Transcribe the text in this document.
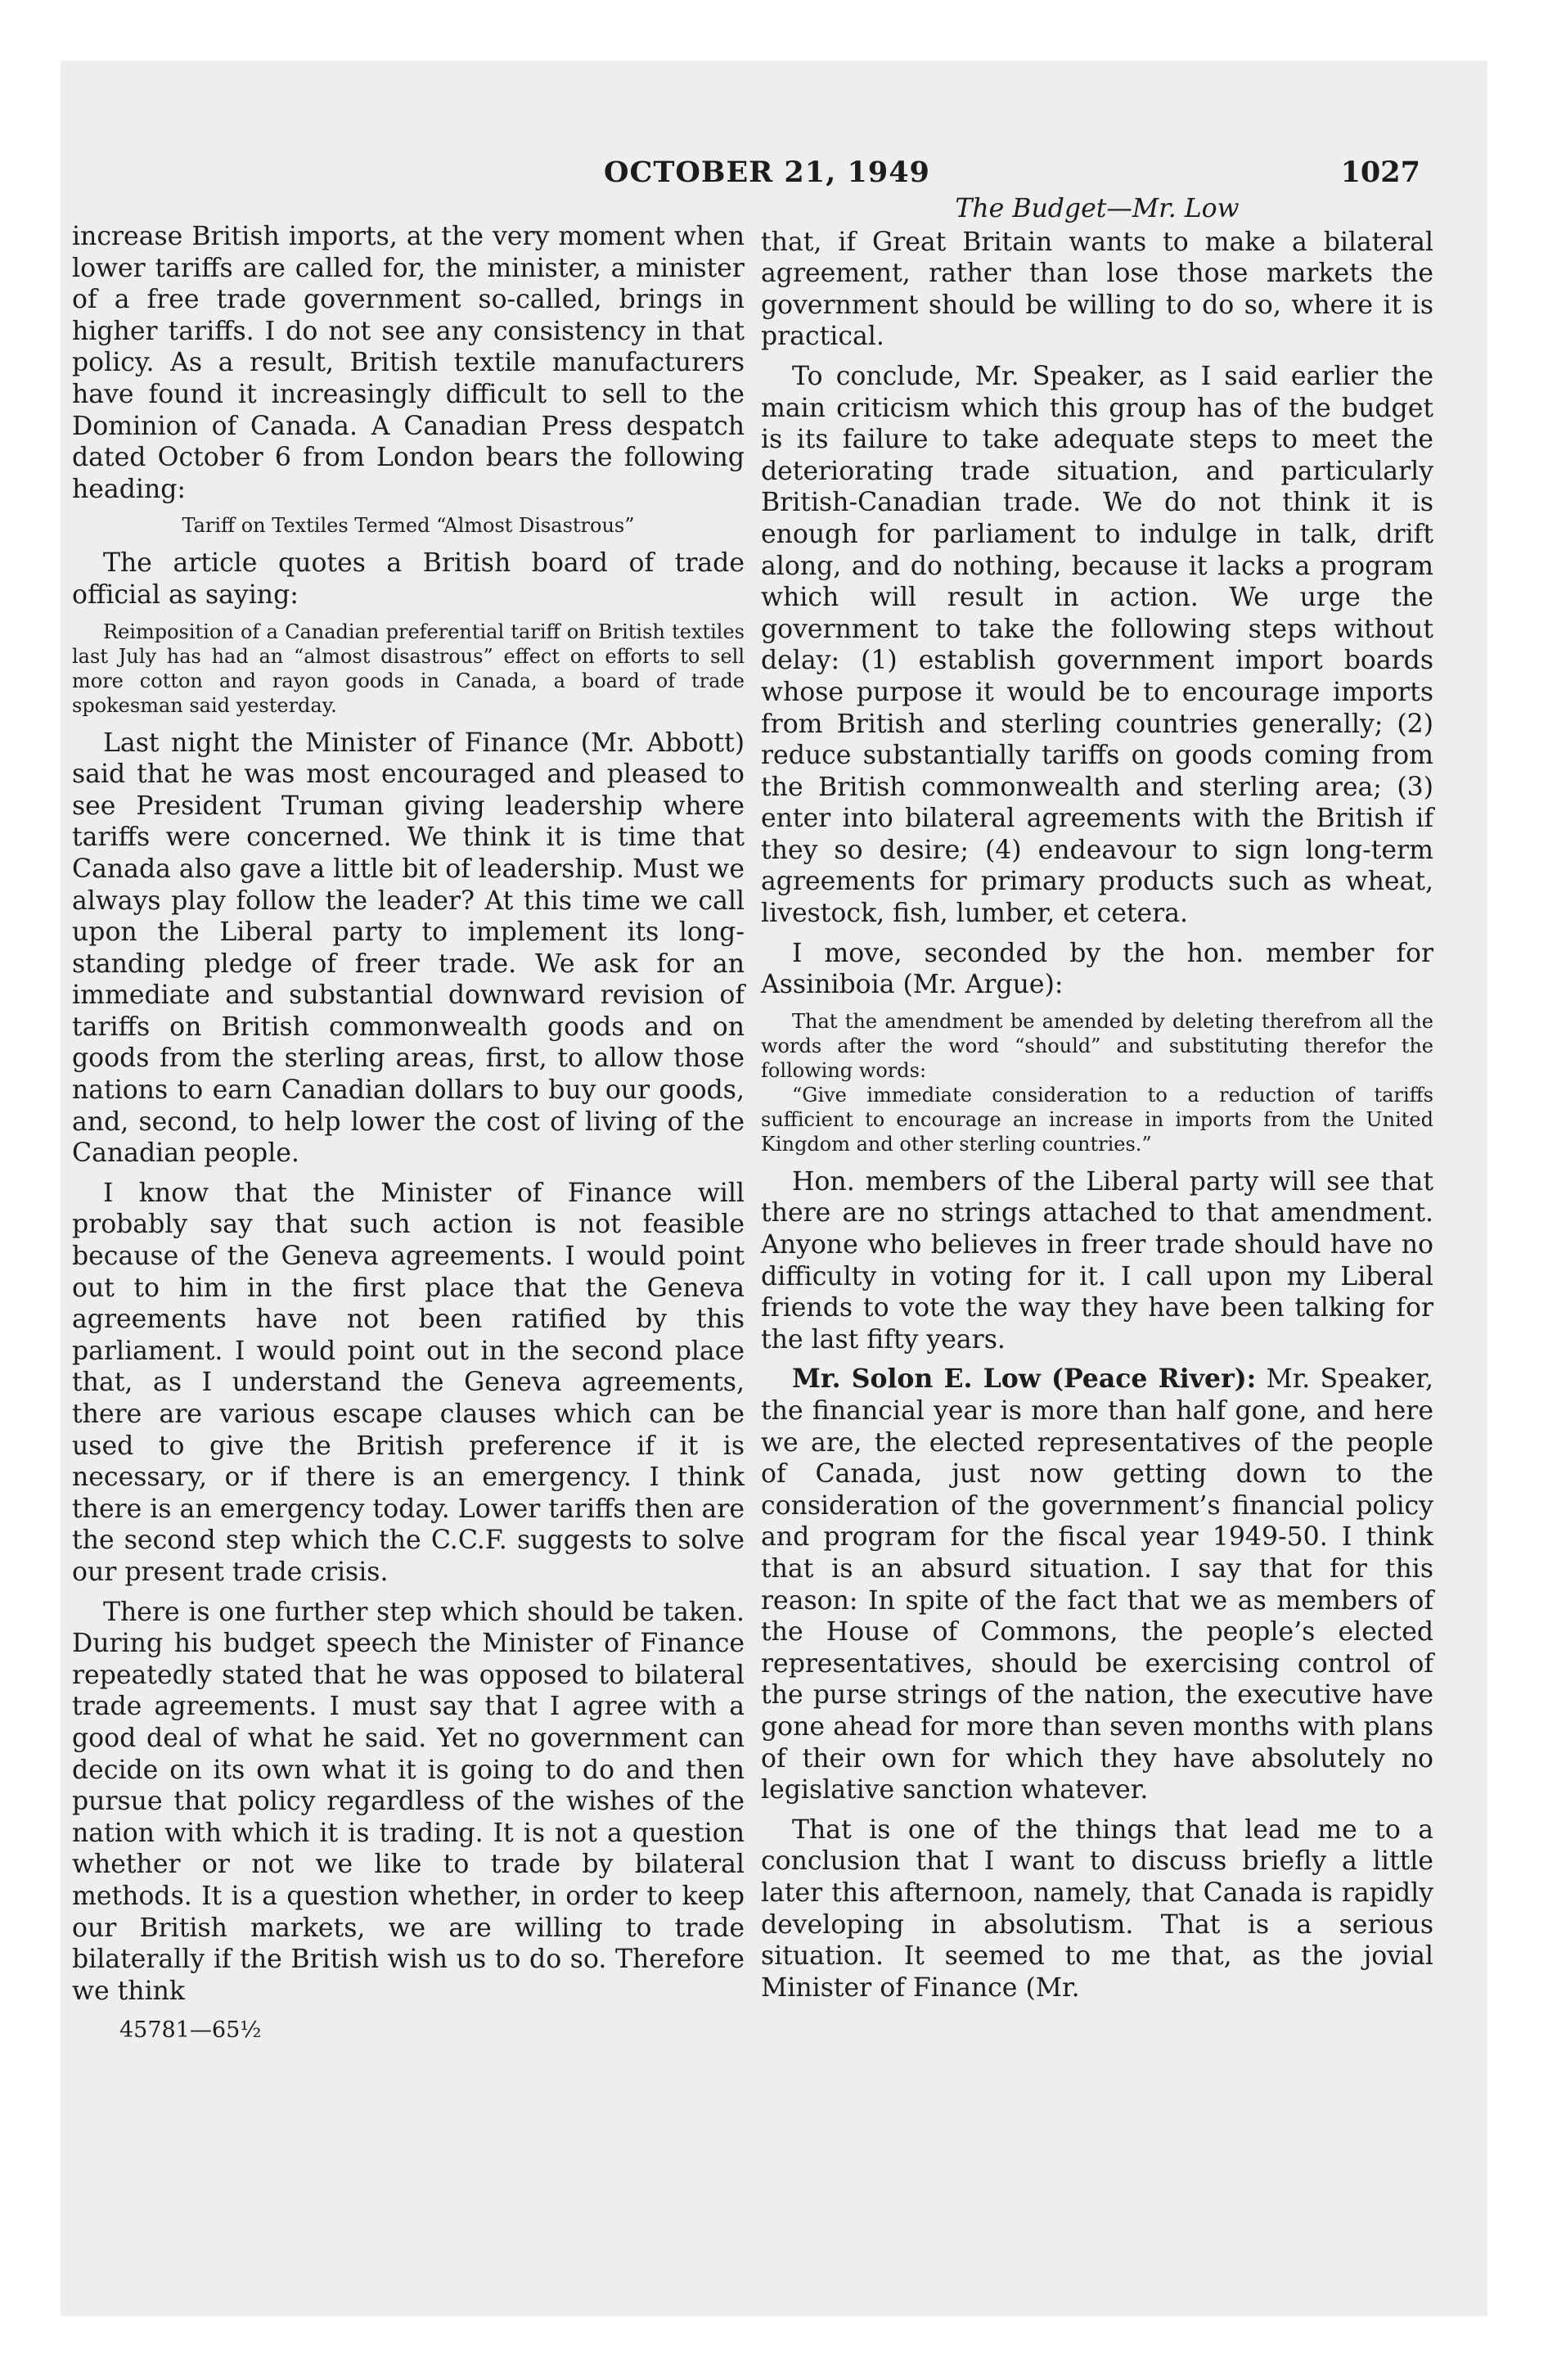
OCTOBER 21, 1949	1027

increase British imports, at the very moment when lower tariffs are called for, the minister, a minister of a free trade government so-called, brings in higher tariffs. I do not see any consistency in that policy. As a result, British textile manufacturers have found it increasingly difficult to sell to the Dominion of Canada. A Canadian Press despatch dated October 6 from London bears the following heading:

Tariff on Textiles Termed “Almost Disastrous”

The article quotes a British board of trade official as saying:

Reimposition of a Canadian preferential tariff on British textiles last July has had an “almost disastrous” effect on efforts to sell more cotton and rayon goods in Canada, a board of trade spokesman said yesterday.

Last night the Minister of Finance (Mr. Abbott) said that he was most encouraged and pleased to see President Truman giving leadership where tariffs were concerned. We think it is time that Canada also gave a little bit of leadership. Must we always play follow the leader? At this time we call upon the Liberal party to implement its long-standing pledge of freer trade. We ask for an immediate and substantial downward revision of tariffs on British commonwealth goods and on goods from the sterling areas, first, to allow those nations to earn Canadian dollars to buy our goods, and, second, to help lower the cost of living of the Canadian people.

I know that the Minister of Finance will probably say that such action is not feasible because of the Geneva agreements. I would point out to him in the first place that the Geneva agreements have not been ratified by this parliament. I would point out in the second place that, as I understand the Geneva agreements, there are various escape clauses which can be used to give the British preference if it is necessary, or if there is an emergency. I think there is an emergency today. Lower tariffs then are the second step which the C.C.F. suggests to solve our present trade crisis.

There is one further step which should be taken. During his budget speech the Minister of Finance repeatedly stated that he was opposed to bilateral trade agreements. I must say that I agree with a good deal of what he said. Yet no government can decide on its own what it is going to do and then pursue that policy regardless of the wishes of the nation with which it is trading. It is not a question whether or not we like to trade by bilateral methods. It is a question whether, in order to keep our British markets, we are willing to trade bilaterally if the British wish us to do so. Therefore we think

45781—65½
The Budget—Mr. Low

that, if Great Britain wants to make a bilateral agreement, rather than lose those markets the government should be willing to do so, where it is practical.

To conclude, Mr. Speaker, as I said earlier the main criticism which this group has of the budget is its failure to take adequate steps to meet the deteriorating trade situation, and particularly British-Canadian trade. We do not think it is enough for parliament to indulge in talk, drift along, and do nothing, because it lacks a program which will result in action. We urge the government to take the following steps without delay: (1) establish government import boards whose purpose it would be to encourage imports from British and sterling countries generally; (2) reduce substantially tariffs on goods coming from the British commonwealth and sterling area; (3) enter into bilateral agreements with the British if they so desire; (4) endeavour to sign long-term agreements for primary products such as wheat, livestock, fish, lumber, et cetera.

I move, seconded by the hon. member for Assiniboia (Mr. Argue):

That the amendment be amended by deleting therefrom all the words after the word “should” and substituting therefor the following words:

“Give immediate consideration to a reduction of tariffs sufficient to encourage an increase in imports from the United Kingdom and other sterling countries.”

Hon. members of the Liberal party will see that there are no strings attached to that amendment. Anyone who believes in freer trade should have no difficulty in voting for it. I call upon my Liberal friends to vote the way they have been talking for the last fifty years.

Mr. Solon E. Low (Peace River): Mr. Speaker, the financial year is more than half gone, and here we are, the elected representatives of the people of Canada, just now getting down to the consideration of the government’s financial policy and program for the fiscal year 1949-50. I think that is an absurd situation. I say that for this reason: In spite of the fact that we as members of the House of Commons, the people’s elected representatives, should be exercising control of the purse strings of the nation, the executive have gone ahead for more than seven months with plans of their own for which they have absolutely no legislative sanction whatever.

That is one of the things that lead me to a conclusion that I want to discuss briefly a little later this afternoon, namely, that Canada is rapidly developing in absolutism. That is a serious situation. It seemed to me that, as the jovial Minister of Finance (Mr.
